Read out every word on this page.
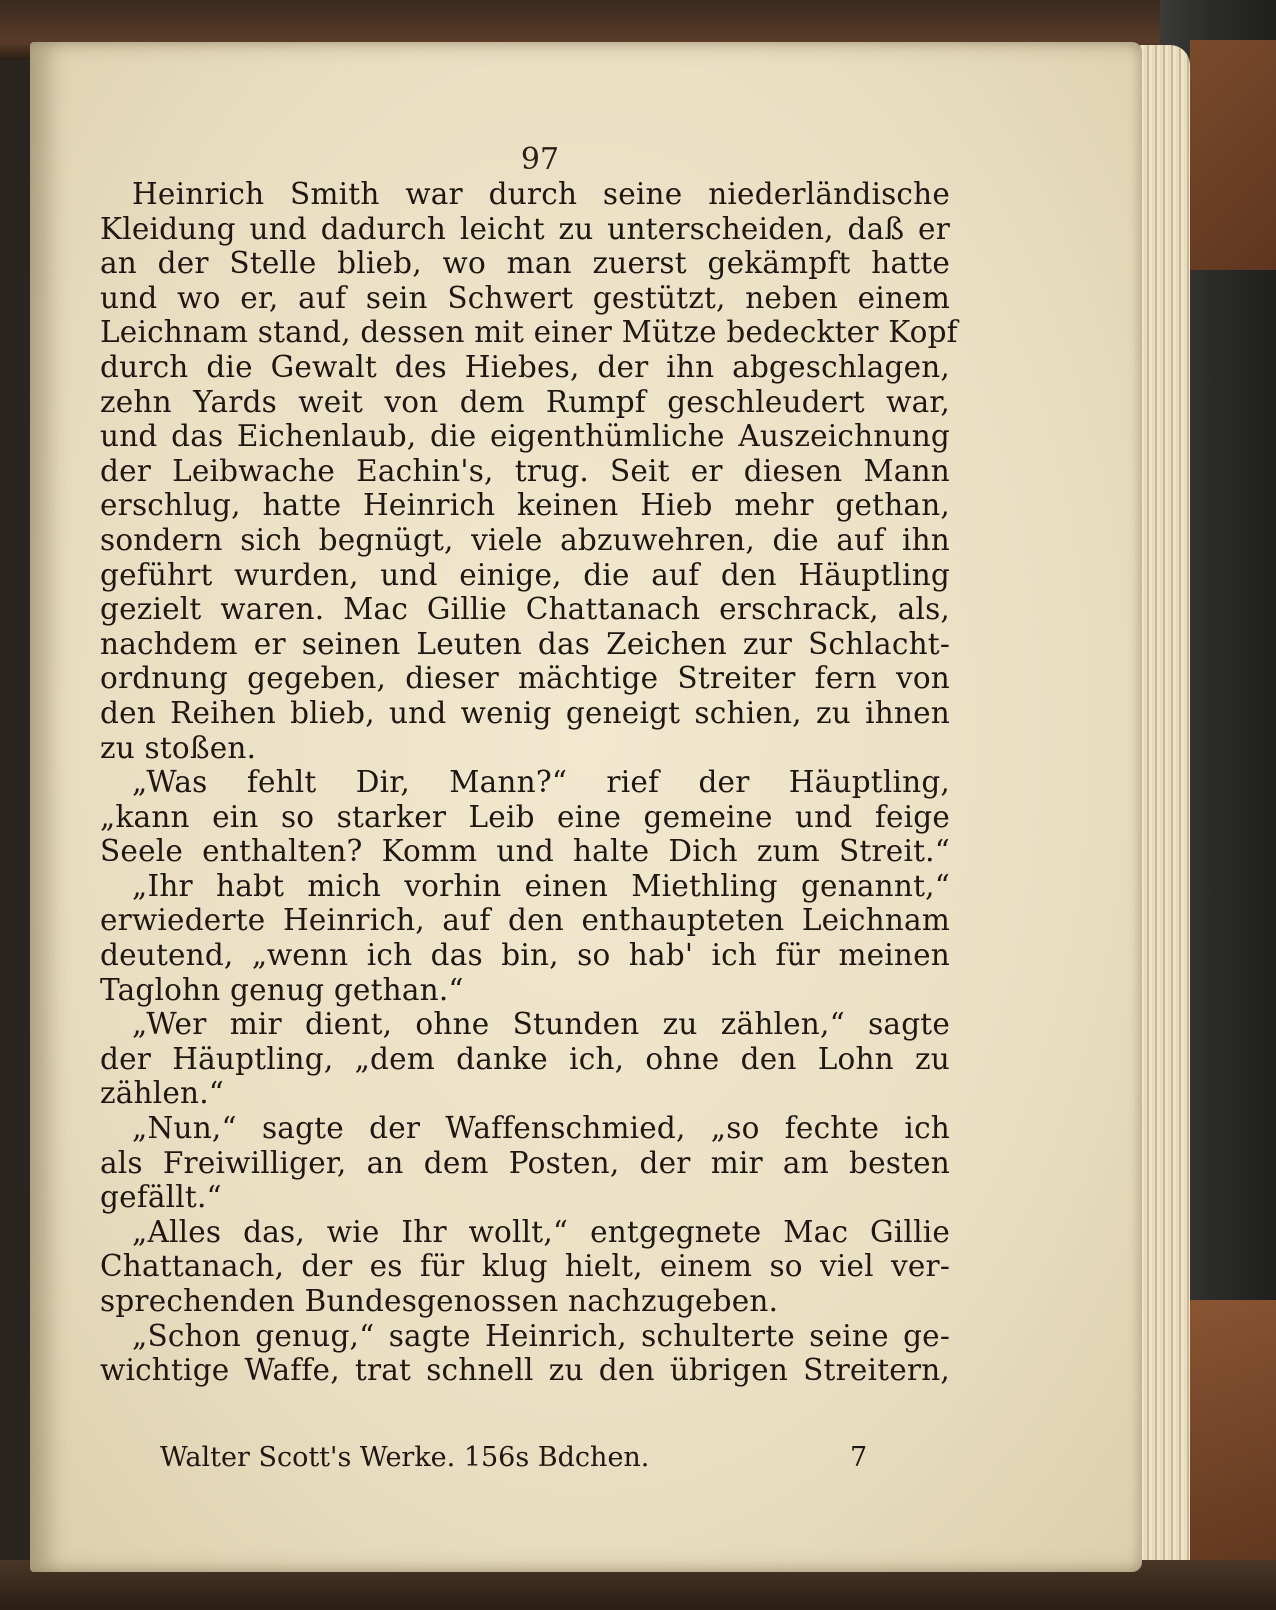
97
Heinrich Smith war durch seine niederländische
Kleidung und dadurch leicht zu unterscheiden, daß er
an der Stelle blieb, wo man zuerst gekämpft hatte
und wo er, auf sein Schwert gestützt, neben einem
Leichnam stand, dessen mit einer Mütze bedeckter Kopf
durch die Gewalt des Hiebes, der ihn abgeschlagen,
zehn Yards weit von dem Rumpf geschleudert war,
und das Eichenlaub, die eigenthümliche Auszeichnung
der Leibwache Eachin's, trug. Seit er diesen Mann
erschlug, hatte Heinrich keinen Hieb mehr gethan,
sondern sich begnügt, viele abzuwehren, die auf ihn
geführt wurden, und einige, die auf den Häuptling
gezielt waren. Mac Gillie Chattanach erschrack, als,
nachdem er seinen Leuten das Zeichen zur Schlacht-
ordnung gegeben, dieser mächtige Streiter fern von
den Reihen blieb, und wenig geneigt schien, zu ihnen
zu stoßen.
„Was fehlt Dir, Mann?“ rief der Häuptling,
„kann ein so starker Leib eine gemeine und feige
Seele enthalten? Komm und halte Dich zum Streit.“
„Ihr habt mich vorhin einen Miethling genannt,“
erwiederte Heinrich, auf den enthaupteten Leichnam
deutend, „wenn ich das bin, so hab' ich für meinen
Taglohn genug gethan.“
„Wer mir dient, ohne Stunden zu zählen,“ sagte
der Häuptling, „dem danke ich, ohne den Lohn zu
zählen.“
„Nun,“ sagte der Waffenschmied, „so fechte ich
als Freiwilliger, an dem Posten, der mir am besten
gefällt.“
„Alles das, wie Ihr wollt,“ entgegnete Mac Gillie
Chattanach, der es für klug hielt, einem so viel ver-
sprechenden Bundesgenossen nachzugeben.
„Schon genug,“ sagte Heinrich, schulterte seine ge-
wichtige Waffe, trat schnell zu den übrigen Streitern,
Walter Scott's Werke. 156s Bdchen.	7
